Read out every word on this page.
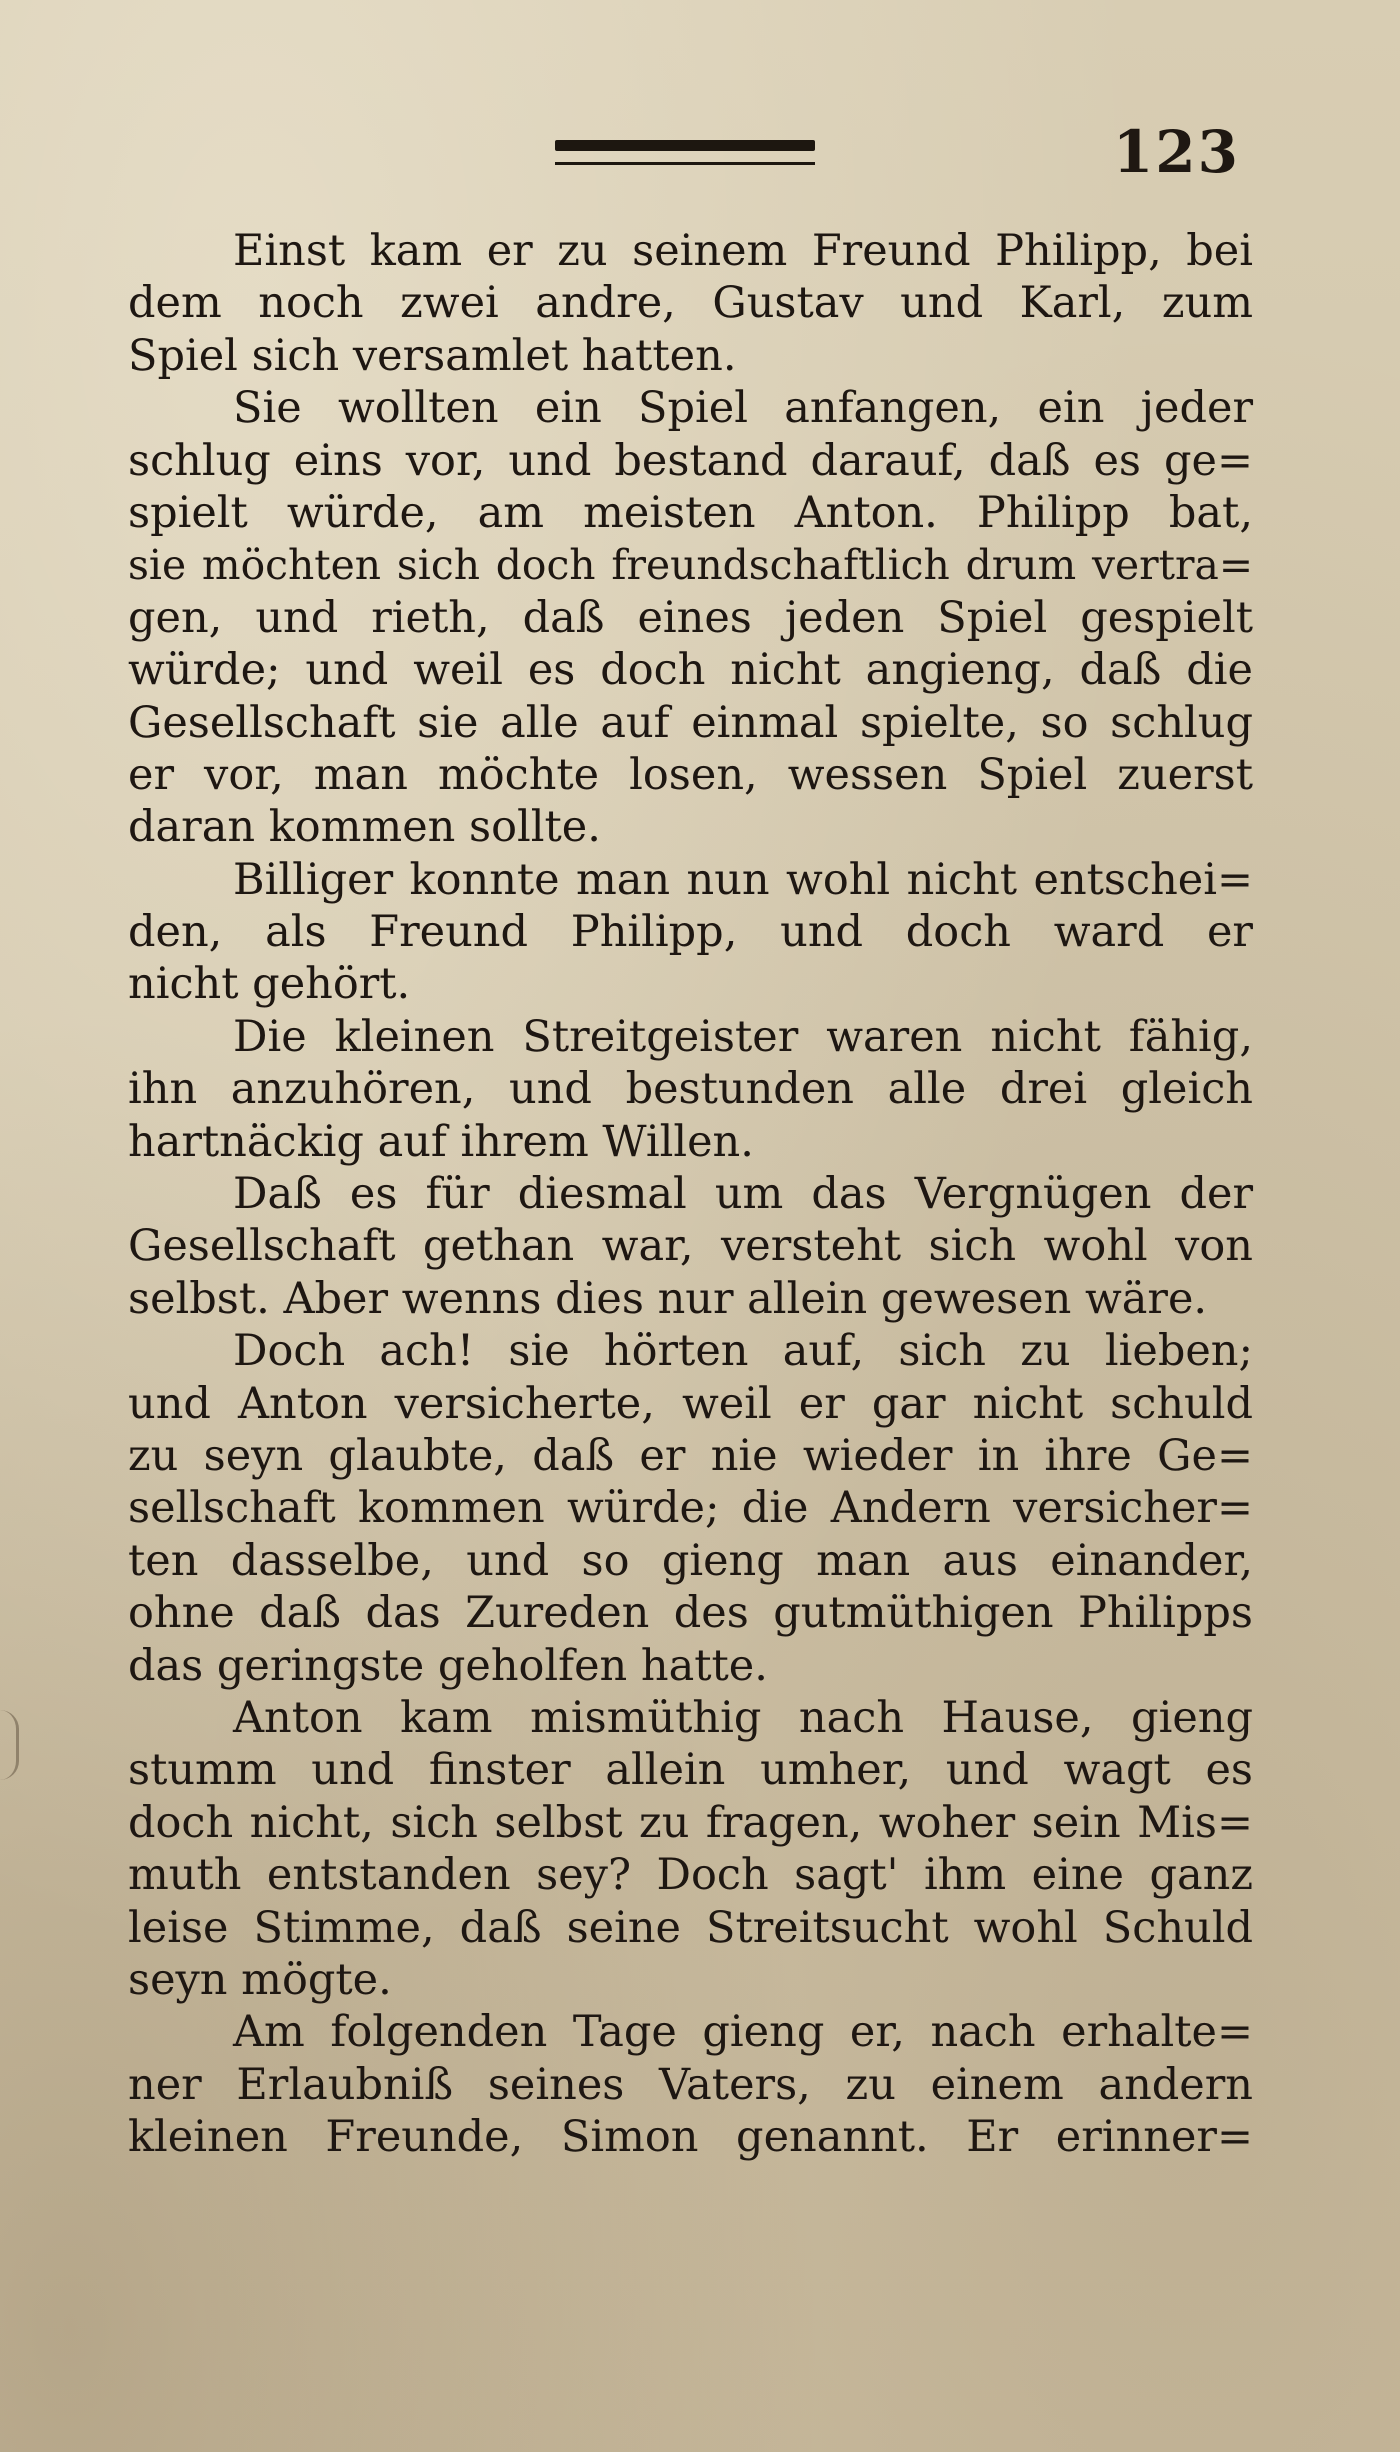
123
Einst kam er zu seinem Freund Philipp, bei
dem noch zwei andre, Gustav und Karl, zum
Spiel sich versamlet hatten.
Sie wollten ein Spiel anfangen, ein jeder
schlug eins vor, und bestand darauf, daß es ge=
spielt würde, am meisten Anton. Philipp bat,
sie möchten sich doch freundschaftlich drum vertra=
gen, und rieth, daß eines jeden Spiel gespielt
würde; und weil es doch nicht angieng, daß die
Gesellschaft sie alle auf einmal spielte, so schlug
er vor, man möchte losen, wessen Spiel zuerst
daran kommen sollte.
Billiger konnte man nun wohl nicht entschei=
den, als Freund Philipp, und doch ward er
nicht gehört.
Die kleinen Streitgeister waren nicht fähig,
ihn anzuhören, und bestunden alle drei gleich
hartnäckig auf ihrem Willen.
Daß es für diesmal um das Vergnügen der
Gesellschaft gethan war, versteht sich wohl von
selbst. Aber wenns dies nur allein gewesen wäre.
Doch ach! sie hörten auf, sich zu lieben;
und Anton versicherte, weil er gar nicht schuld
zu seyn glaubte, daß er nie wieder in ihre Ge=
sellschaft kommen würde; die Andern versicher=
ten dasselbe, und so gieng man aus einander,
ohne daß das Zureden des gutmüthigen Philipps
das geringste geholfen hatte.
Anton kam mismüthig nach Hause, gieng
stumm und finster allein umher, und wagt es
doch nicht, sich selbst zu fragen, woher sein Mis=
muth entstanden sey? Doch sagt' ihm eine ganz
leise Stimme, daß seine Streitsucht wohl Schuld
seyn mögte.
Am folgenden Tage gieng er, nach erhalte=
ner Erlaubniß seines Vaters, zu einem andern
kleinen Freunde, Simon genannt. Er erinner=
